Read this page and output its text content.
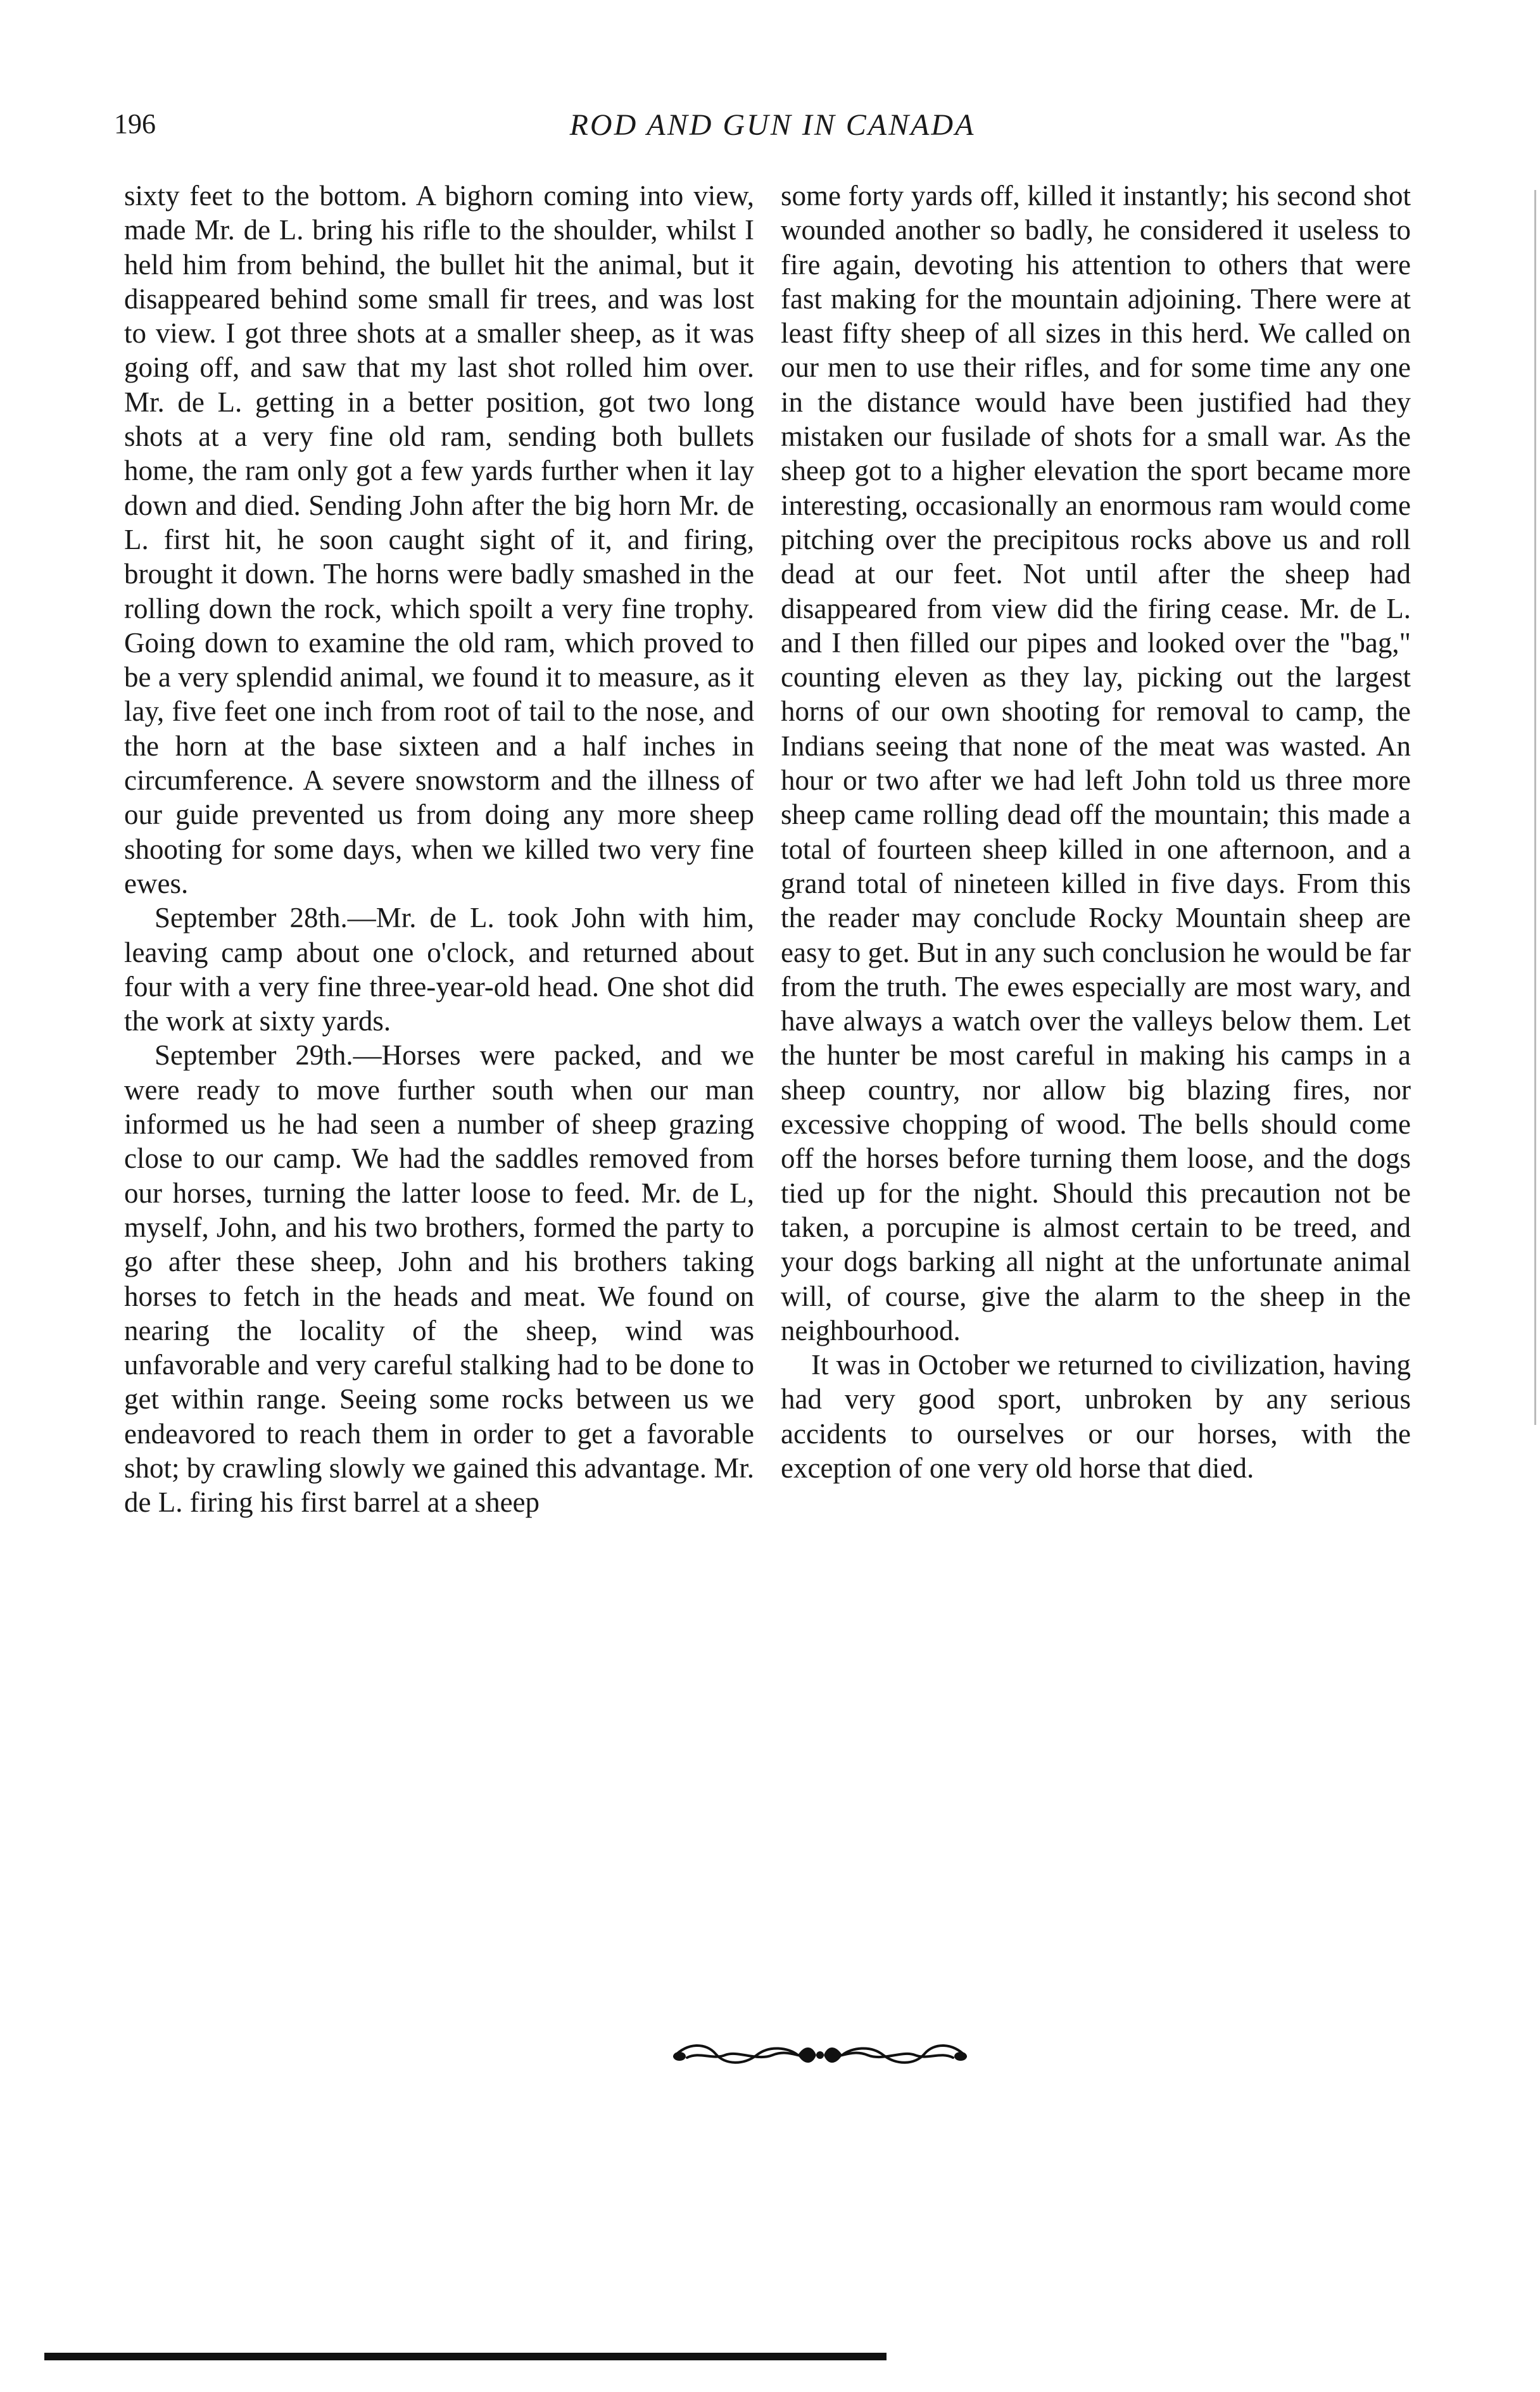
196	ROD AND GUN IN CANADA

sixty feet to the bottom. A bighorn coming into view, made Mr. de L. bring his rifle to the shoulder, whilst I held him from behind, the bullet hit the animal, but it disappeared behind some small fir trees, and was lost to view. I got three shots at a smaller sheep, as it was going off, and saw that my last shot rolled him over. Mr. de L. getting in a better position, got two long shots at a very fine old ram, sending both bullets home, the ram only got a few yards further when it lay down and died. Sending John after the big horn Mr. de L. first hit, he soon caught sight of it, and firing, brought it down. The horns were badly smashed in the rolling down the rock, which spoilt a very fine trophy. Going down to examine the old ram, which proved to be a very splendid animal, we found it to measure, as it lay, five feet one inch from root of tail to the nose, and the horn at the base sixteen and a half inches in circumference. A severe snowstorm and the illness of our guide prevented us from doing any more sheep shooting for some days, when we killed two very fine ewes.

September 28th.—Mr. de L. took John with him, leaving camp about one o'clock, and returned about four with a very fine three-year-old head. One shot did the work at sixty yards.

September 29th.—Horses were packed, and we were ready to move further south when our man informed us he had seen a number of sheep grazing close to our camp. We had the saddles removed from our horses, turning the latter loose to feed. Mr. de L, myself, John, and his two brothers, formed the party to go after these sheep, John and his brothers taking horses to fetch in the heads and meat. We found on nearing the locality of the sheep, wind was unfavorable and very careful stalking had to be done to get within range. Seeing some rocks between us we endeavored to reach them in order to get a favorable shot; by crawling slowly we gained this advantage. Mr. de L. firing his first barrel at a sheep

some forty yards off, killed it instantly; his second shot wounded another so badly, he considered it useless to fire again, devoting his attention to others that were fast making for the mountain adjoining. There were at least fifty sheep of all sizes in this herd. We called on our men to use their rifles, and for some time any one in the distance would have been justified had they mistaken our fusilade of shots for a small war. As the sheep got to a higher elevation the sport became more interesting, occasionally an enormous ram would come pitching over the precipitous rocks above us and roll dead at our feet. Not until after the sheep had disappeared from view did the firing cease. Mr. de L. and I then filled our pipes and looked over the "bag," counting eleven as they lay, picking out the largest horns of our own shooting for removal to camp, the Indians seeing that none of the meat was wasted. An hour or two after we had left John told us three more sheep came rolling dead off the mountain; this made a total of fourteen sheep killed in one afternoon, and a grand total of nineteen killed in five days. From this the reader may conclude Rocky Mountain sheep are easy to get. But in any such conclusion he would be far from the truth. The ewes especially are most wary, and have always a watch over the valleys below them. Let the hunter be most careful in making his camps in a sheep country, nor allow big blazing fires, nor excessive chopping of wood. The bells should come off the horses before turning them loose, and the dogs tied up for the night. Should this precaution not be taken, a porcupine is almost certain to be treed, and your dogs barking all night at the unfortunate animal will, of course, give the alarm to the sheep in the neighbourhood.

It was in October we returned to civilization, having had very good sport, unbroken by any serious accidents to ourselves or our horses, with the exception of one very old horse that died.
